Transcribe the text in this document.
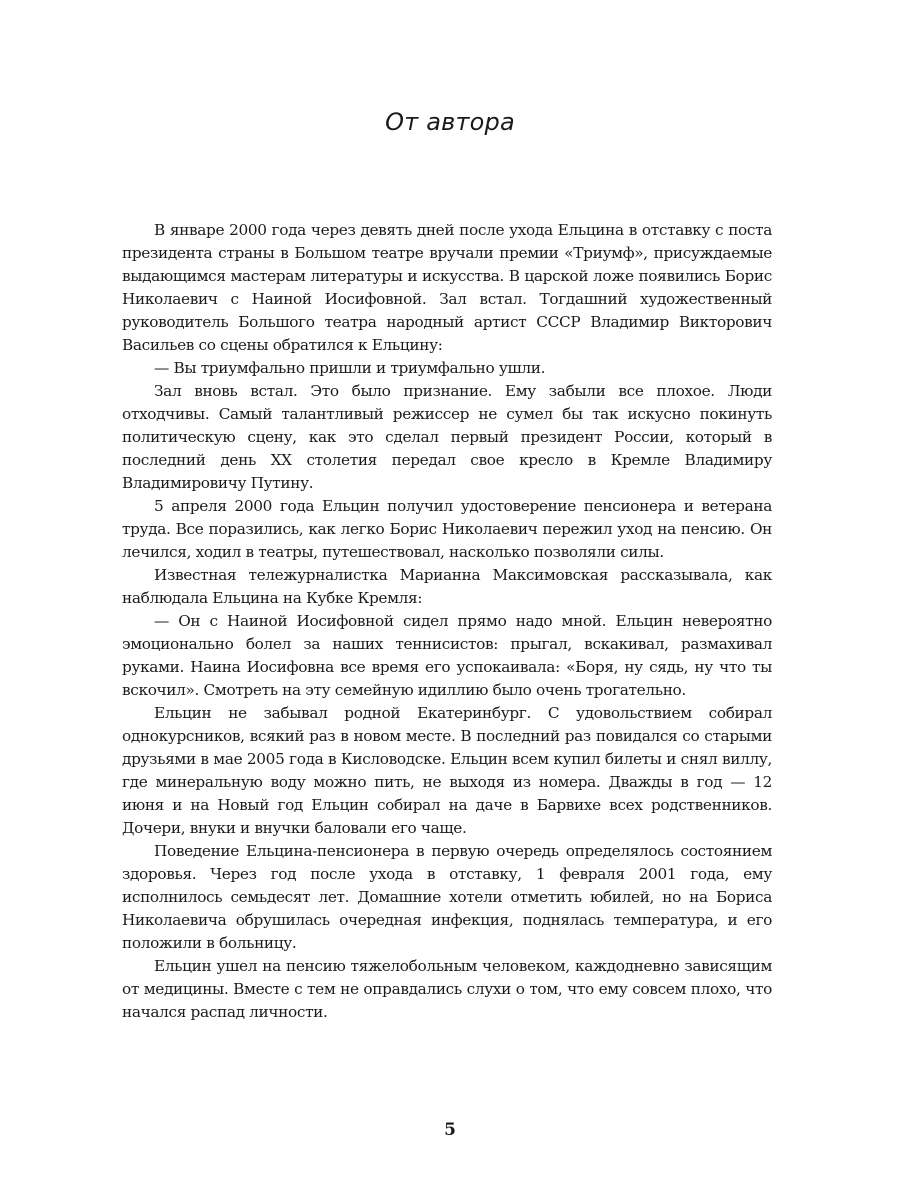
От автора

В январе 2000 года через девять дней после ухода Ельцина в отставку с поста президента страны в Большом театре вручали премии «Триумф», присуждаемые выдающимся мастерам литературы и искусства. В царской ложе появились Борис Николаевич с Наиной Иосифовной. Зал встал. Тогдашний художественный руководитель Большого театра народный артист СССР Владимир Викторович Васильев со сцены обратился к Ельцину:

— Вы триумфально пришли и триумфально ушли.

Зал вновь встал. Это было признание. Ему забыли все плохое. Люди отходчивы. Самый талантливый режиссер не сумел бы так искусно покинуть политическую сцену, как это сделал первый президент России, который в последний день XX столетия передал свое кресло в Кремле Владимиру Владимировичу Путину.

5 апреля 2000 года Ельцин получил удостоверение пенсионера и ветерана труда. Все поразились, как легко Борис Николаевич пережил уход на пенсию. Он лечился, ходил в театры, путешествовал, насколько позволяли силы.

Известная тележурналистка Марианна Максимовская рассказывала, как наблюдала Ельцина на Кубке Кремля:

— Он с Наиной Иосифовной сидел прямо надо мной. Ельцин невероятно эмоционально болел за наших теннисистов: прыгал, вскакивал, размахивал руками. Наина Иосифовна все время его успокаивала: «Боря, ну сядь, ну что ты вскочил». Смотреть на эту семейную идиллию было очень трогательно.

Ельцин не забывал родной Екатеринбург. С удовольствием собирал однокурсников, всякий раз в новом месте. В последний раз повидался со старыми друзьями в мае 2005 года в Кисловодске. Ельцин всем купил билеты и снял виллу, где минеральную воду можно пить, не выходя из номера. Дважды в год — 12 июня и на Новый год Ельцин собирал на даче в Барвихе всех родственников. Дочери, внуки и внучки баловали его чаще.

Поведение Ельцина-пенсионера в первую очередь определялось состоянием здоровья. Через год после ухода в отставку, 1 февраля 2001 года, ему исполнилось семьдесят лет. Домашние хотели отметить юбилей, но на Бориса Николаевича обрушилась очередная инфекция, поднялась температура, и его положили в больницу.

Ельцин ушел на пенсию тяжелобольным человеком, каждодневно зависящим от медицины. Вместе с тем не оправдались слухи о том, что ему совсем плохо, что начался распад личности.

5
